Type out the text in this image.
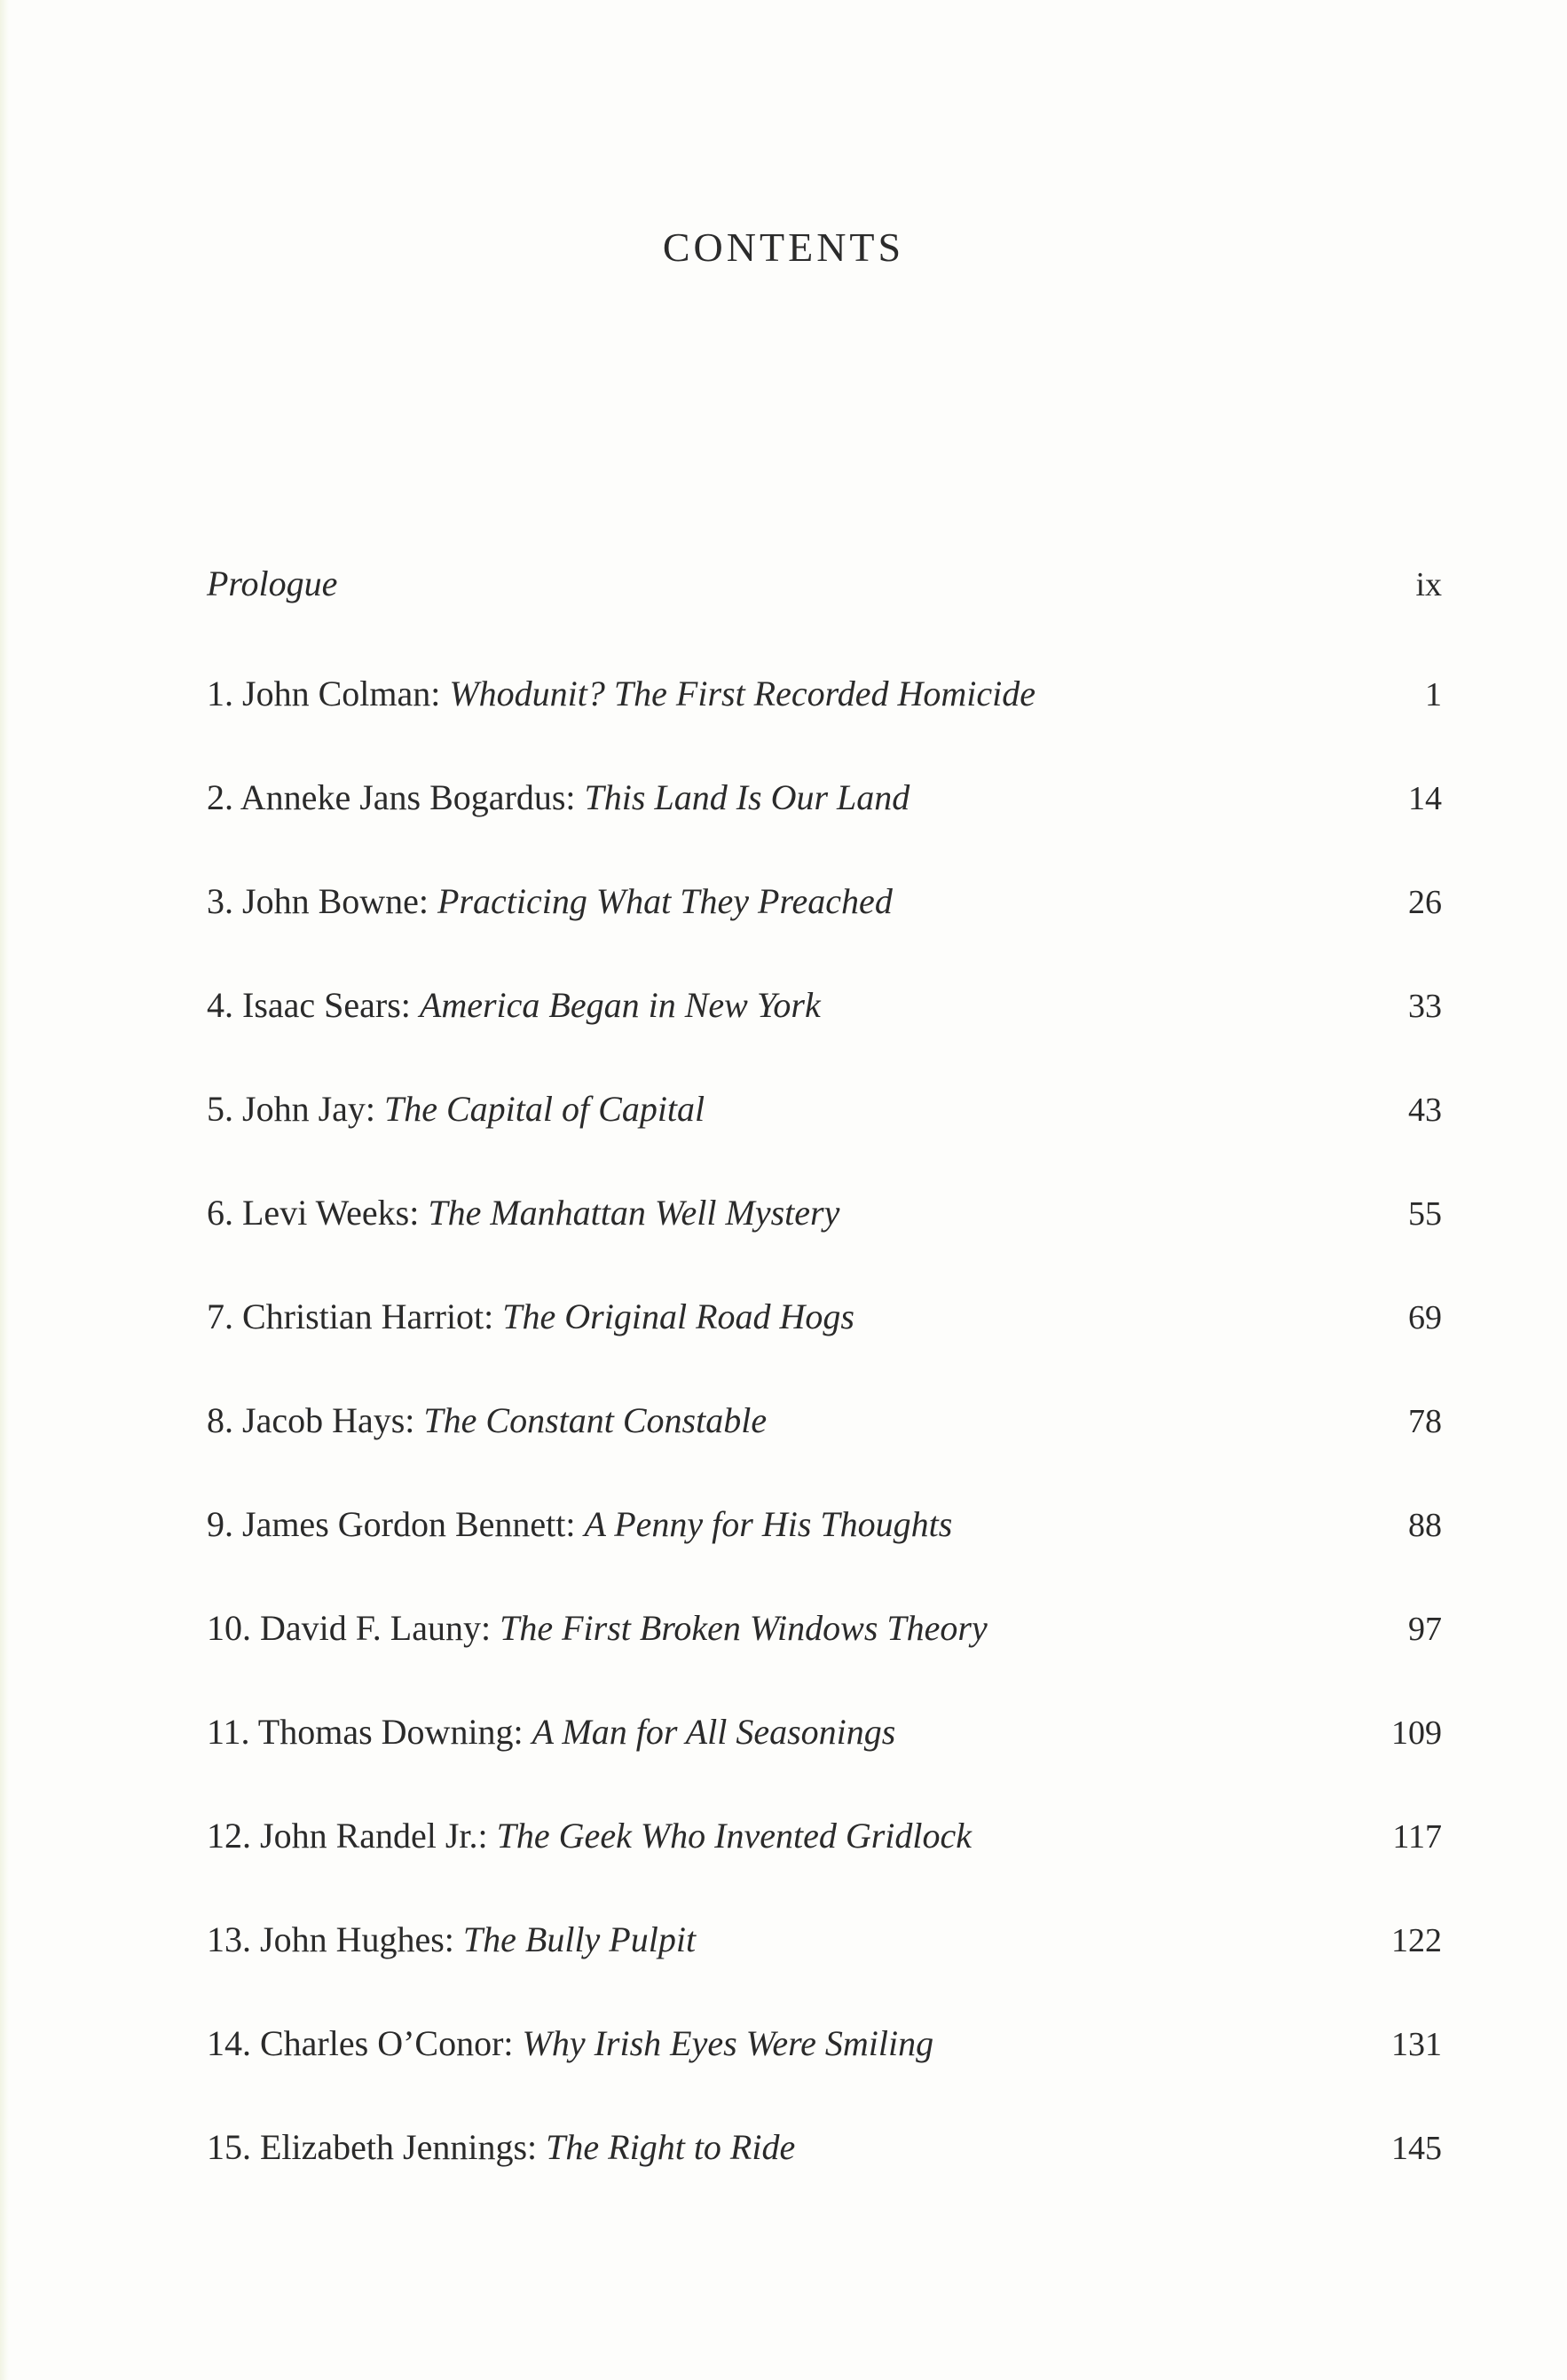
CONTENTS
Prologue	ix
1. John Colman: Whodunit? The First Recorded Homicide	1
2. Anneke Jans Bogardus: This Land Is Our Land	14
3. John Bowne: Practicing What They Preached	26
4. Isaac Sears: America Began in New York	33
5. John Jay: The Capital of Capital	43
6. Levi Weeks: The Manhattan Well Mystery	55
7. Christian Harriot: The Original Road Hogs	69
8. Jacob Hays: The Constant Constable	78
9. James Gordon Bennett: A Penny for His Thoughts	88
10. David F. Launy: The First Broken Windows Theory	97
11. Thomas Downing: A Man for All Seasonings	109
12. John Randel Jr.: The Geek Who Invented Gridlock	117
13. John Hughes: The Bully Pulpit	122
14. Charles O’Conor: Why Irish Eyes Were Smiling	131
15. Elizabeth Jennings: The Right to Ride	145
